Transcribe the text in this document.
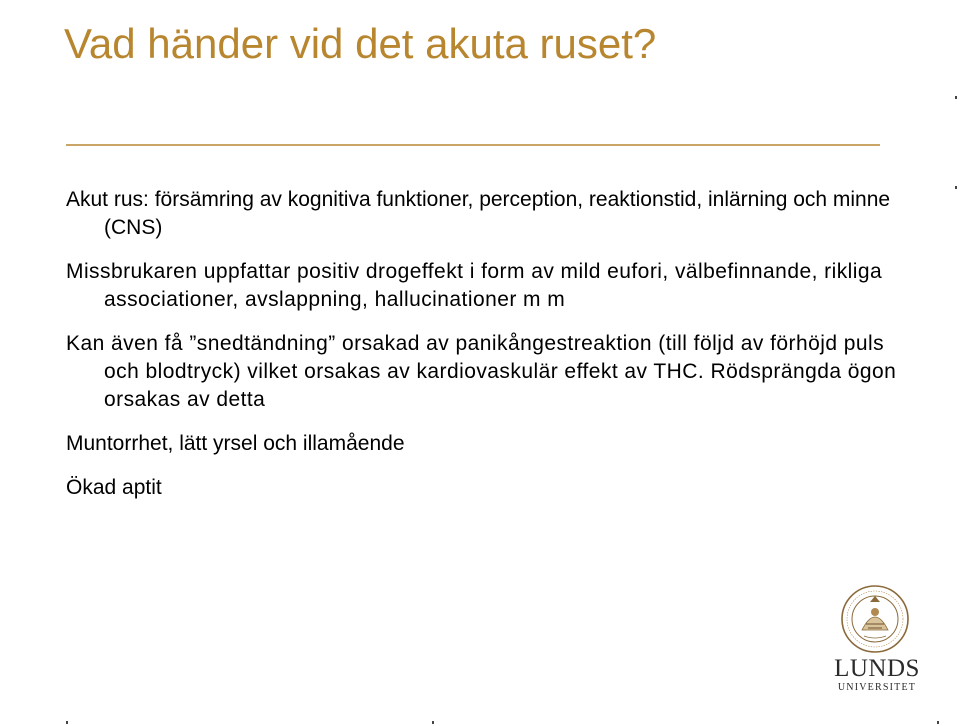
Vad händer vid det akuta ruset?
Akut rus: försämring av kognitiva funktioner, perception, reaktionstid, inlärning och minne (CNS)
Missbrukaren uppfattar positiv drogeffekt i form av mild eufori, välbefinnande, rikliga associationer, avslappning, hallucinationer m m
Kan även få ”snedtändning” orsakad av panikångestreaktion (till följd av förhöjd puls och blodtryck) vilket orsakas av kardiovaskulär effekt av THC. Rödsprängda ögon orsakas av detta
Muntorrhet, lätt yrsel och illamående
Ökad aptit
LUNDS
UNIVERSITET
